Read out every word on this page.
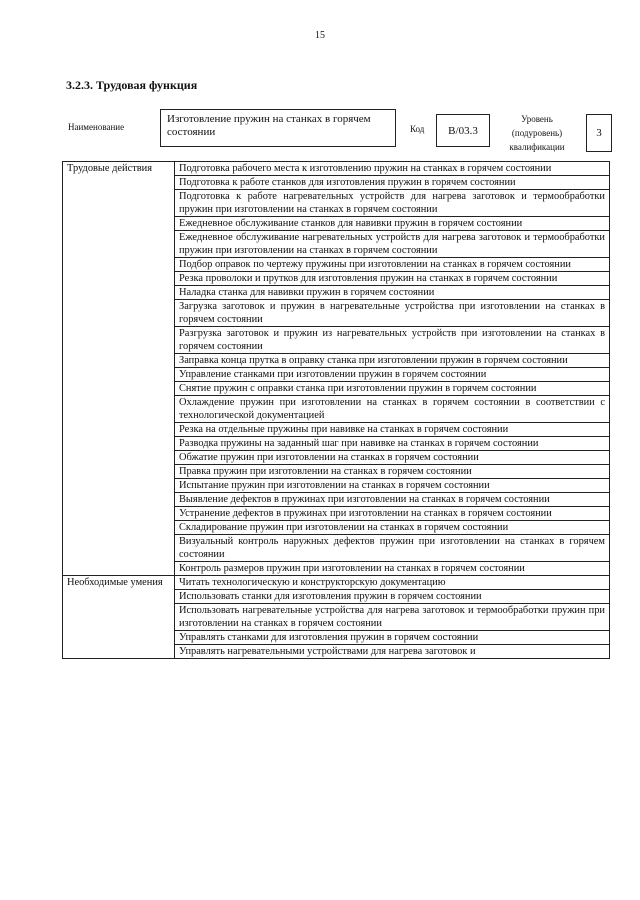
15
3.2.3. Трудовая функция
Наименование
Изготовление пружин на станках в горячем состоянии	Код	B/03.3
Уровень (подуровень) квалификации
3
Трудовые действия	Подготовка рабочего места к изготовлению пружин на станках в горячем состоянии
	Подготовка к работе станков для изготовления пружин в горячем состоянии
	Подготовка к работе нагревательных устройств для нагрева заготовок и термообработки пружин при изготовлении на станках в горячем состоянии
	Ежедневное обслуживание станков для навивки пружин в горячем состоянии
	Ежедневное обслуживание нагревательных устройств для нагрева заготовок и термообработки пружин при изготовлении на станках в горячем состоянии
	Подбор оправок по чертежу пружины при изготовлении на станках в горячем состоянии
	Резка проволоки и прутков для изготовления пружин на станках в горячем состоянии
	Наладка станка для навивки пружин в горячем состоянии
	Загрузка заготовок и пружин в нагревательные устройства при изготовлении на станках в горячем состоянии
	Разгрузка заготовок и пружин из нагревательных устройств при изготовлении на станках в горячем состоянии
	Заправка конца прутка в оправку станка при изготовлении пружин в горячем состоянии
	Управление станками при изготовлении пружин в горячем состоянии
	Снятие пружин с оправки станка при изготовлении пружин в горячем состоянии
	Охлаждение пружин при изготовлении на станках в горячем состоянии в соответствии с технологической документацией
	Резка на отдельные пружины при навивке на станках в горячем состоянии
	Разводка пружины на заданный шаг при навивке на станках в горячем состоянии
	Обжатие пружин при изготовлении на станках в горячем состоянии
	Правка пружин при изготовлении на станках в горячем состоянии
	Испытание пружин при изготовлении на станках в горячем состоянии
	Выявление дефектов в пружинах при изготовлении на станках в горячем состоянии
	Устранение дефектов в пружинах при изготовлении на станках в горячем состоянии
	Складирование пружин при изготовлении на станках в горячем состоянии
	Визуальный контроль наружных дефектов пружин при изготовлении на станках в горячем состоянии
	Контроль размеров пружин при изготовлении на станках в горячем состоянии
Необходимые умения	Читать технологическую и конструкторскую документацию
	Использовать станки для изготовления пружин в горячем состоянии
	Использовать нагревательные устройства для нагрева заготовок и термообработки пружин при изготовлении на станках в горячем состоянии
	Управлять станками для изготовления пружин в горячем состоянии
	Управлять нагревательными устройствами для нагрева заготовок и
